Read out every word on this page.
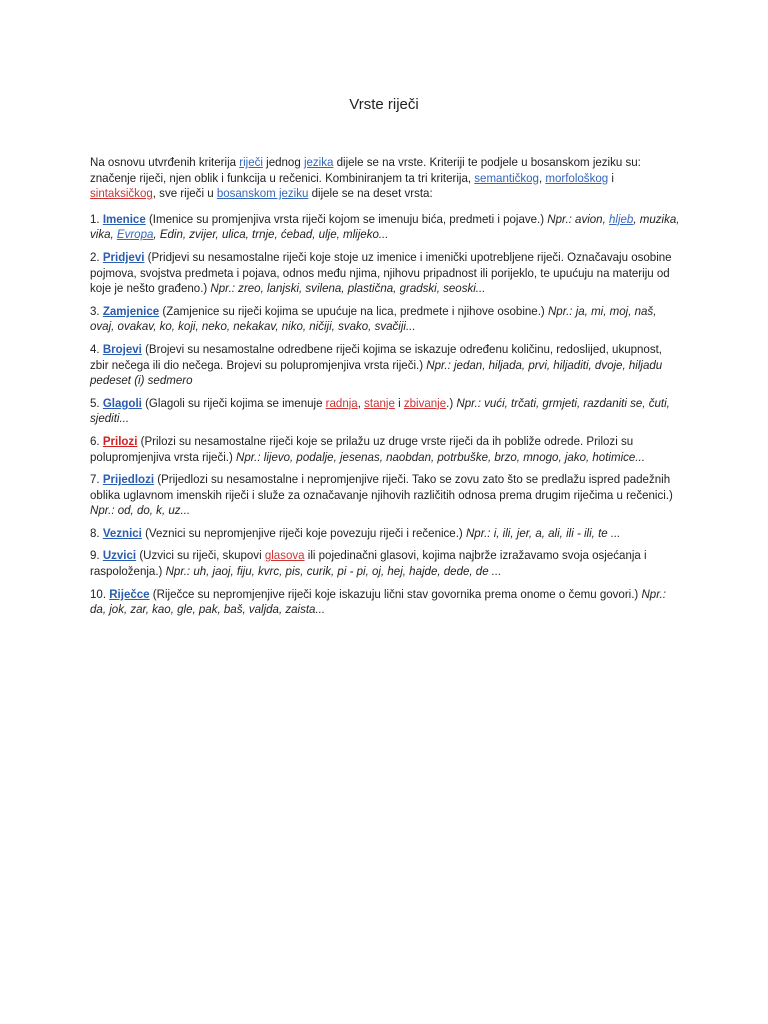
Vrste riječi

Na osnovu utvrđenih kriterija riječi jednog jezika dijele se na vrste. Kriteriji te podjele u bosanskom jeziku su: značenje riječi, njen oblik i funkcija u rečenici. Kombiniranjem ta tri kriterija, semantičkog, morfološkog i sintaksičkog, sve riječi u bosanskom jeziku dijele se na deset vrsta:

1. Imenice (Imenice su promjenjiva vrsta riječi kojom se imenuju bića, predmeti i pojave.) Npr.: avion, hljeb, muzika, vika, Evropa, Edin, zvijer, ulica, trnje, ćebad, ulje, mlijeko...

2. Pridjevi (Pridjevi su nesamostalne riječi koje stoje uz imenice i imenički upotrebljene riječi. Označavaju osobine pojmova, svojstva predmeta i pojava, odnos među njima, njihovu pripadnost ili porijeklo, te upućuju na materiju od koje je nešto građeno.) Npr.: zreo, lanjski, svilena, plastična, gradski, seoski...

3. Zamjenice (Zamjenice su riječi kojima se upućuje na lica, predmete i njihove osobine.) Npr.: ja, mi, moj, naš, ovaj, ovakav, ko, koji, neko, nekakav, niko, ničiji, svako, svačiji...

4. Brojevi (Brojevi su nesamostalne odredbene riječi kojima se iskazuje određenu količinu, redoslijed, ukupnost, zbir nečega ili dio nečega. Brojevi su polupromjenjiva vrsta riječi.) Npr.: jedan, hiljada, prvi, hiljaditi, dvoje, hiljadu pedeset (i) sedmero

5. Glagoli (Glagoli su riječi kojima se imenuje radnja, stanje i zbivanje.) Npr.: vući, trčati, grmjeti, razdaniti se, čuti, sjediti...

6. Prilozi (Prilozi su nesamostalne riječi koje se prilažu uz druge vrste riječi da ih pobliže odrede. Prilozi su polupromjenjiva vrsta riječi.) Npr.: lijevo, podalje, jesenas, naobdan, potrbuške, brzo, mnogo, jako, hotimice...

7. Prijedlozi (Prijedlozi su nesamostalne i nepromjenjive riječi. Tako se zovu zato što se predlažu ispred padežnih oblika uglavnom imenskih riječi i služe za označavanje njihovih različitih odnosa prema drugim riječima u rečenici.) Npr.: od, do, k, uz...

8. Veznici (Veznici su nepromjenjive riječi koje povezuju riječi i rečenice.) Npr.: i, ili, jer, a, ali, ili - ili, te ...

9. Uzvici (Uzvici su riječi, skupovi glasova ili pojedinačni glasovi, kojima najbrže izražavamo svoja osjećanja i raspoloženja.) Npr.: uh, jaoj, fiju, kvrc, pis, curik, pi - pi, oj, hej, hajde, dede, de ...

10. Riječce (Riječce su nepromjenjive riječi koje iskazuju lični stav govornika prema onome o čemu govori.) Npr.: da, jok, zar, kao, gle, pak, baš, valjda, zaista...
